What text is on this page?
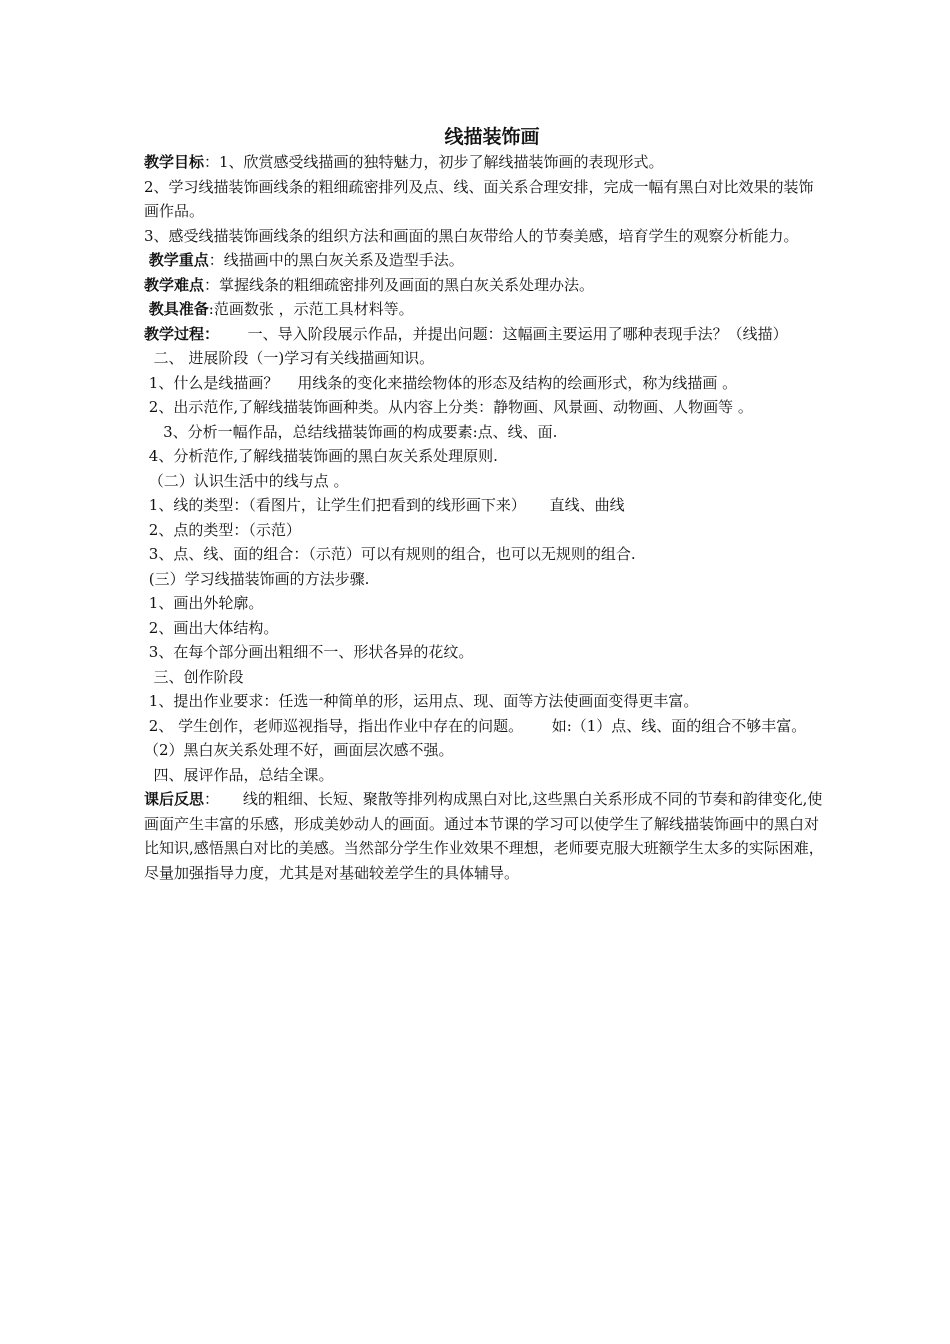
线描装饰画

教学目标：1、欣赏感受线描画的独特魅力，初步了解线描装饰画的表现形式。

2、学习线描装饰画线条的粗细疏密排列及点、线、面关系合理安排，完成一幅有黑白对比效果的装饰画作品。

3、感受线描装饰画线条的组织方法和画面的黑白灰带给人的节奏美感，培育学生的观察分析能力。

教学重点：线描画中的黑白灰关系及造型手法。

教学难点：掌握线条的粗细疏密排列及画面的黑白灰关系处理办法。

教具准备:范画数张 ，示范工具材料等。

教学过程：      一、导入阶段展示作品，并提出问题：这幅画主要运用了哪种表现手法？（线描）

二、 进展阶段（一)学习有关线描画知识。

1、什么是线描画？    用线条的变化来描绘物体的形态及结构的绘画形式，称为线描画 。

2、出示范作,了解线描装饰画种类。从内容上分类：静物画、风景画、动物画、人物画等 。

3、分析一幅作品，总结线描装饰画的构成要素:点、线、面.

4、分析范作,了解线描装饰画的黑白灰关系处理原则.

（二）认识生活中的线与点 。

1、线的类型：（看图片，让学生们把看到的线形画下来）     直线、曲线

2、点的类型：（示范）

3、点、线、面的组合：（示范）可以有规则的组合，也可以无规则的组合.

(三）学习线描装饰画的方法步骤.

1、画出外轮廓。

2、画出大体结构。

3、在每个部分画出粗细不一、形状各异的花纹。

三、创作阶段

1、提出作业要求：任选一种简单的形，运用点、现、面等方法使画面变得更丰富。

2、 学生创作，老师巡视指导，指出作业中存在的问题。      如:（1）点、线、面的组合不够丰富。     （2）黑白灰关系处理不好，画面层次感不强。

四、展评作品，总结全课。

课后反思：     线的粗细、长短、聚散等排列构成黑白对比,这些黑白关系形成不同的节奏和韵律变化,使画面产生丰富的乐感，形成美妙动人的画面。通过本节课的学习可以使学生了解线描装饰画中的黑白对比知识,感悟黑白对比的美感。当然部分学生作业效果不理想，老师要克服大班额学生太多的实际困难，尽量加强指导力度，尤其是对基础较差学生的具体辅导。
